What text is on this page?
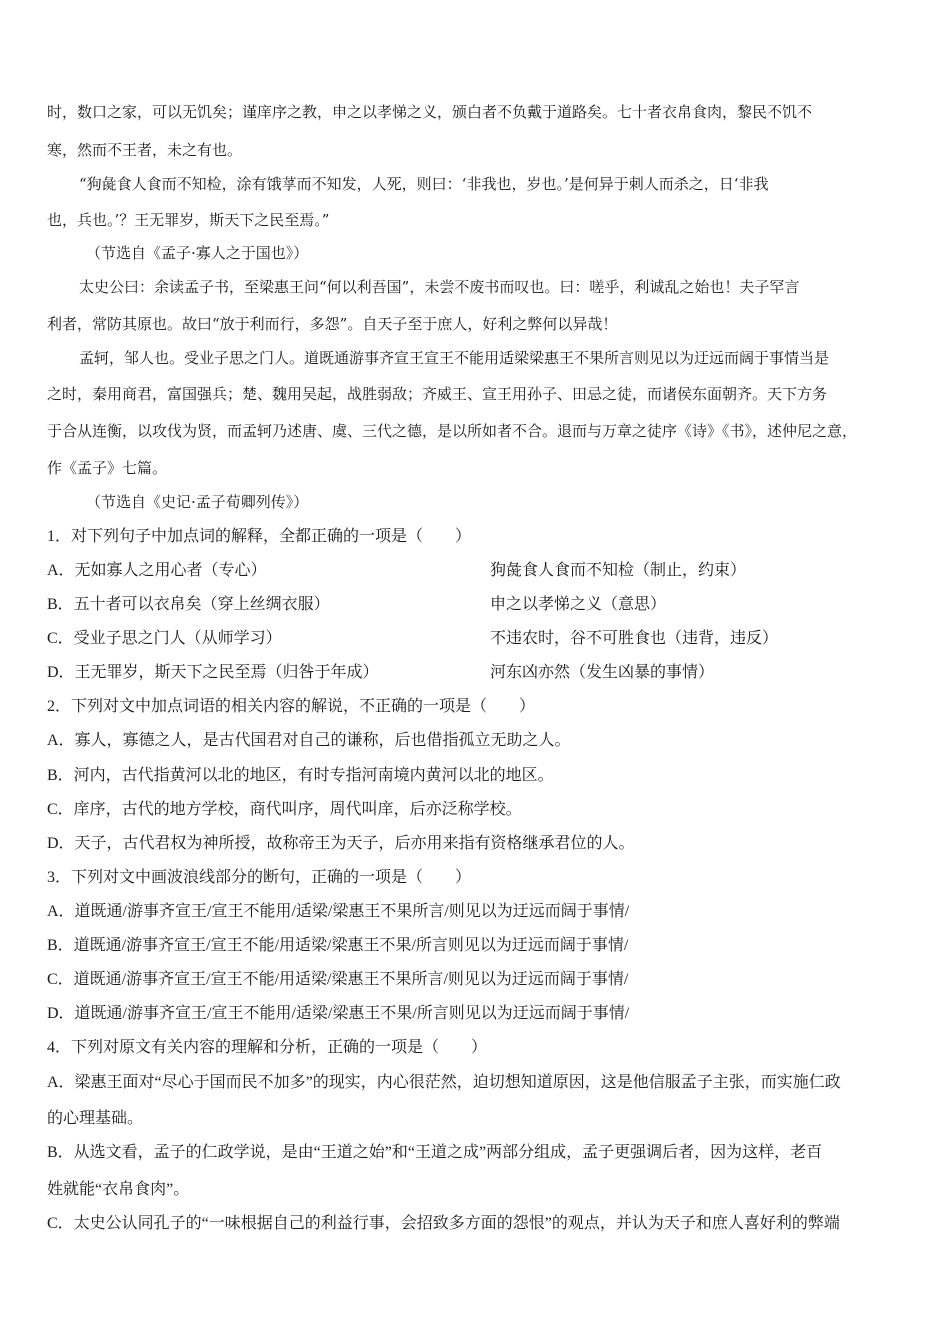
时，数口之家，可以无饥矣；谨庠序之教，申之以孝悌之义，颁白者不负戴于道路矣。七十者衣帛食肉，黎民不饥不
寒，然而不王者，未之有也。
“狗彘食人食而不知检，涂有饿莩而不知发，人死，则曰：‘非我也，岁也。’是何异于刺人而杀之，日‘非我
也，兵也。’？王无罪岁，斯天下之民至焉。”
（节选自《孟子·寡人之于国也》）
太史公曰：余读孟子书，至梁惠王问“何以利吾国”，未尝不废书而叹也。曰：嗟乎，利诚乱之始也！夫子罕言
利者，常防其原也。故曰“放于利而行，多怨”。自天子至于庶人，好利之弊何以异哉！
孟轲，邹人也。受业子思之门人。道既通游事齐宣王宣王不能用适梁梁惠王不果所言则见以为迂远而阔于事情当是
之时，秦用商君，富国强兵；楚、魏用吴起，战胜弱敌；齐威王、宣王用孙子、田忌之徒，而诸侯东面朝齐。天下方务
于合从连衡，以攻伐为贤，而孟轲乃述唐、虞、三代之德，是以所如者不合。退而与万章之徒序《诗》《书》，述仲尼之意，
作《孟子》七篇。
（节选自《史记·孟子荀卿列传》）
1．对下列句子中加点词的解释，全都正确的一项是（　　）
A．无如寡人之用心者（专心）	狗彘食人食而不知检（制止，约束）
B．五十者可以衣帛矣（穿上丝绸衣服）	申之以孝悌之义（意思）
C．受业子思之门人（从师学习）	不违农时，谷不可胜食也（违背，违反）
D．王无罪岁，斯天下之民至焉（归咎于年成）	河东凶亦然（发生凶暴的事情）
2．下列对文中加点词语的相关内容的解说，不正确的一项是（　　）
A．寡人，寡德之人，是古代国君对自己的谦称，后也借指孤立无助之人。
B．河内，古代指黄河以北的地区，有时专指河南境内黄河以北的地区。
C．庠序，古代的地方学校，商代叫序，周代叫庠，后亦泛称学校。
D．天子，古代君权为神所授，故称帝王为天子，后亦用来指有资格继承君位的人。
3．下列对文中画波浪线部分的断句，正确的一项是（　　）
A．道既通/游事齐宣王/宣王不能用/适梁/梁惠王不果所言/则见以为迂远而阔于事情/
B．道既通/游事齐宣王/宣王不能/用适梁/梁惠王不果/所言则见以为迂远而阔于事情/
C．道既通/游事齐宣王/宣王不能/用适梁/梁惠王不果所言/则见以为迂远而阔于事情/
D．道既通/游事齐宣王/宣王不能用/适梁/梁惠王不果/所言则见以为迂远而阔于事情/
4．下列对原文有关内容的理解和分析，正确的一项是（　　）
A．梁惠王面对“尽心于国而民不加多”的现实，内心很茫然，迫切想知道原因，这是他信服孟子主张，而实施仁政
的心理基础。
B．从选文看，孟子的仁政学说，是由“王道之始”和“王道之成”两部分组成，孟子更强调后者，因为这样，老百
姓就能“衣帛食肉”。
C．太史公认同孔子的“一味根据自己的利益行事，会招致多方面的怨恨”的观点，并认为天子和庶人喜好利的弊端
